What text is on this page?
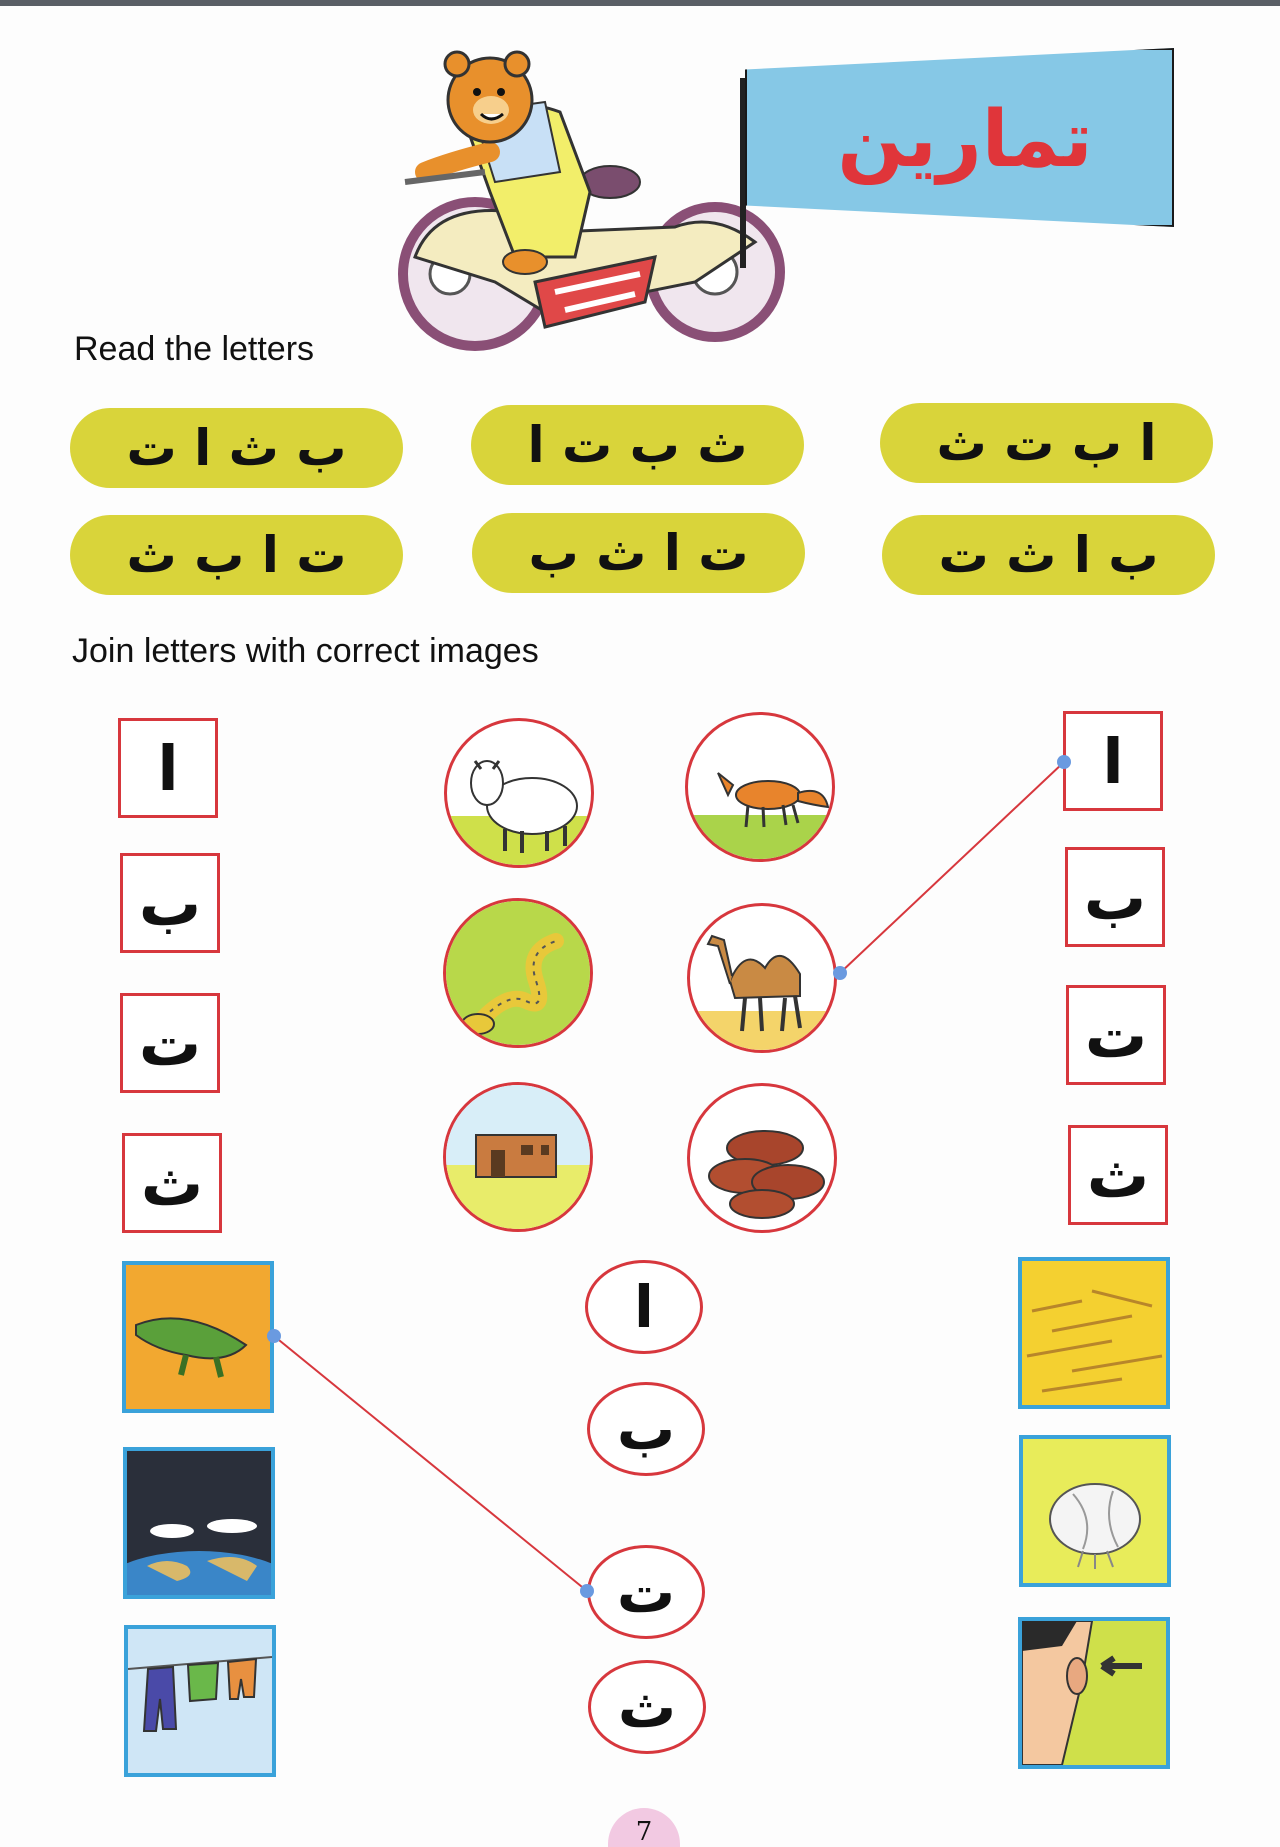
تمارين
Read the letters
ب ث ا ت	ث ب ت ا	ا ب ت ث
ت ا ب ث	ت ا ث ب	ب ا ث ت
Join letters with correct images
ا
ب
ت
ث
ا
ب
ت
ث
ا
ب
ت
ث
7
